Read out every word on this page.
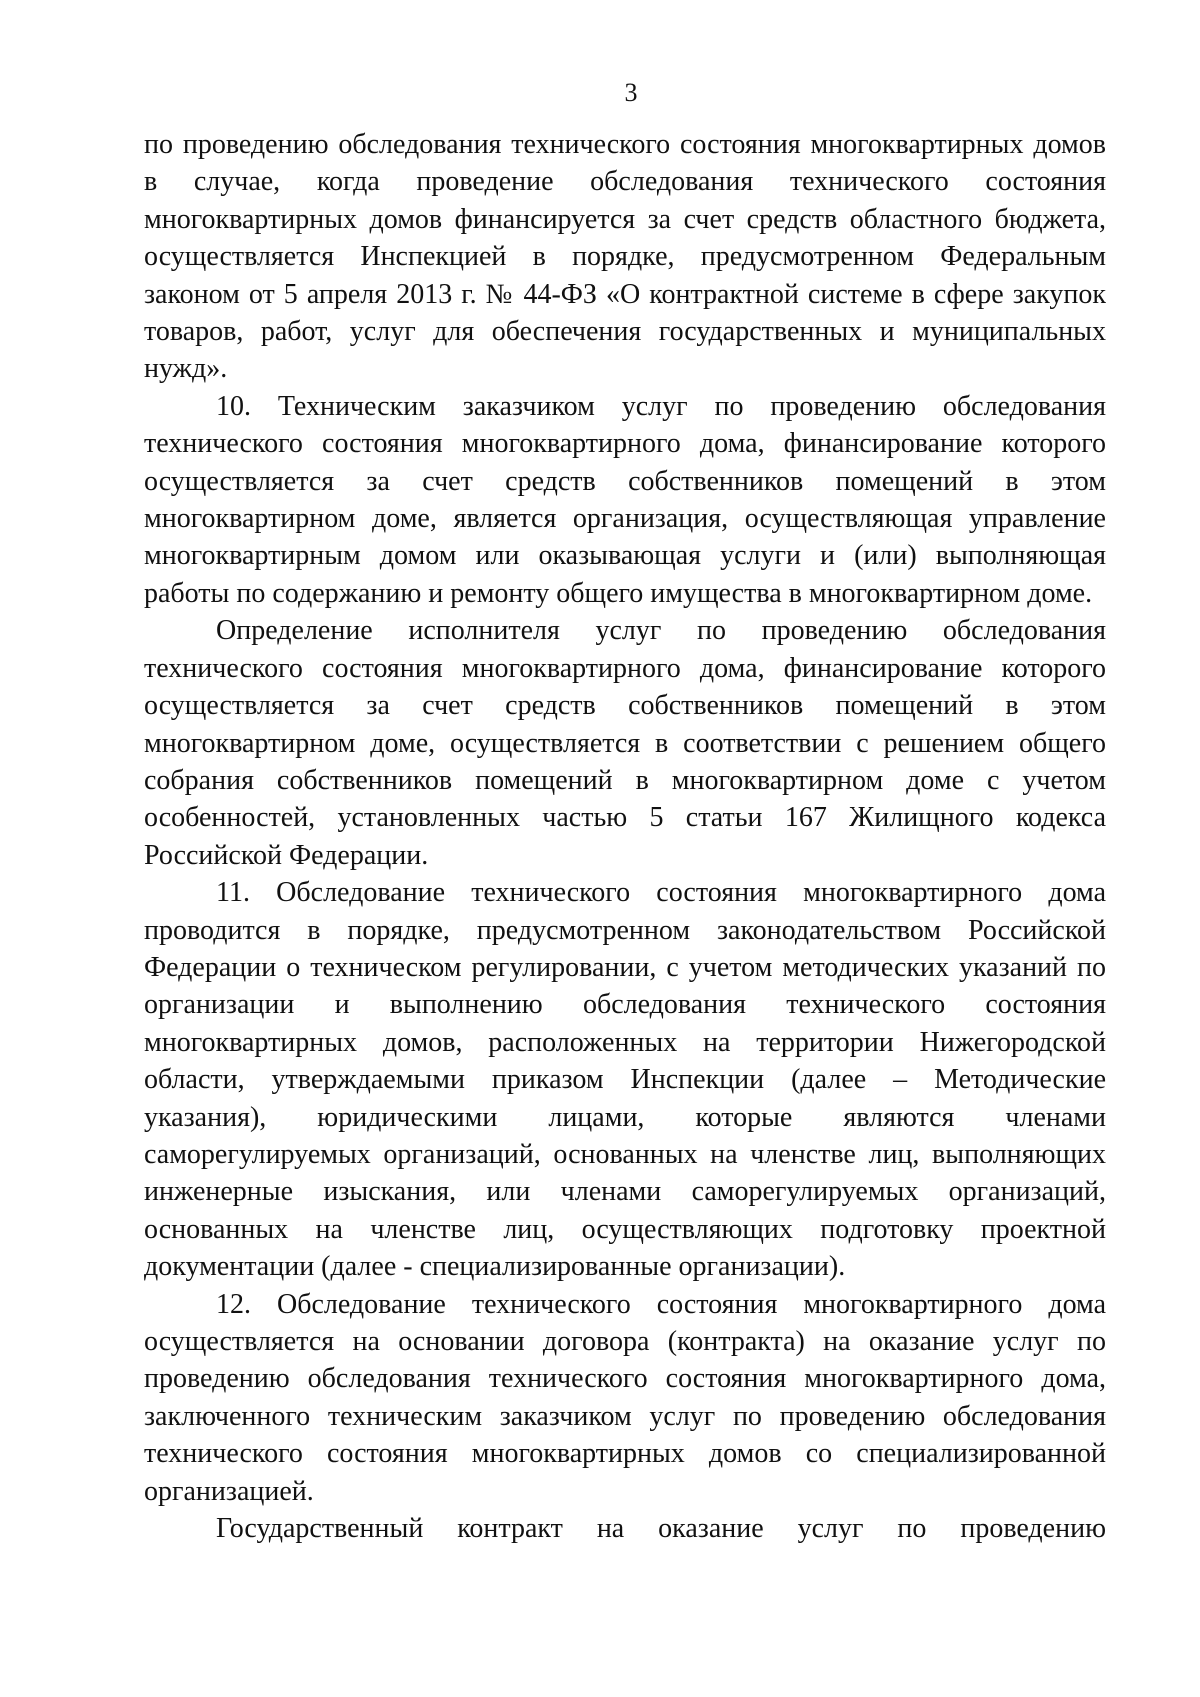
3

по проведению обследования технического состояния многоквартирных домов в случае, когда проведение обследования технического состояния многоквартирных домов финансируется за счет средств областного бюджета, осуществляется Инспекцией в порядке, предусмотренном Федеральным законом от 5 апреля 2013 г. № 44-ФЗ «О контрактной системе в сфере закупок товаров, работ, услуг для обеспечения государственных и муниципальных нужд».

10. Техническим заказчиком услуг по проведению обследования технического состояния многоквартирного дома, финансирование которого осуществляется за счет средств собственников помещений в этом многоквартирном доме, является организация, осуществляющая управление многоквартирным домом или оказывающая услуги и (или) выполняющая работы по содержанию и ремонту общего имущества в многоквартирном доме.

Определение исполнителя услуг по проведению обследования технического состояния многоквартирного дома, финансирование которого осуществляется за счет средств собственников помещений в этом многоквартирном доме, осуществляется в соответствии с решением общего собрания собственников помещений в многоквартирном доме с учетом особенностей, установленных частью 5 статьи 167 Жилищного кодекса Российской Федерации.

11. Обследование технического состояния многоквартирного дома проводится в порядке, предусмотренном законодательством Российской Федерации о техническом регулировании, с учетом методических указаний по организации и выполнению обследования технического состояния многоквартирных домов, расположенных на территории Нижегородской области, утверждаемыми приказом Инспекции (далее – Методические указания), юридическими лицами, которые являются членами саморегулируемых организаций, основанных на членстве лиц, выполняющих инженерные изыскания, или членами саморегулируемых организаций, основанных на членстве лиц, осуществляющих подготовку проектной документации (далее - специализированные организации).

12. Обследование технического состояния многоквартирного дома осуществляется на основании договора (контракта) на оказание услуг по проведению обследования технического состояния многоквартирного дома, заключенного техническим заказчиком услуг по проведению обследования технического состояния многоквартирных домов со специализированной организацией.

Государственный контракт на оказание услуг по проведению
